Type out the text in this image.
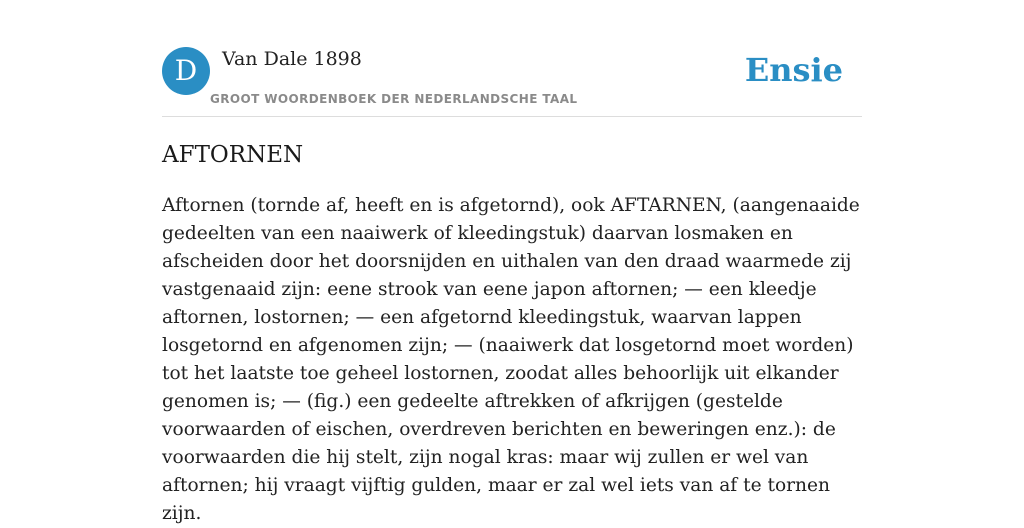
D	Van Dale 1898
GROOT WOORDENBOEK DER NEDERLANDSCHE TAAL
Ensie
AFTORNEN

Aftornen (tornde af, heeft en is afgetornd), ook AFTARNEN, (aangenaaide gedeelten van een naaiwerk of kleedingstuk) daarvan losmaken en afscheiden door het doorsnijden en uithalen van den draad waarmede zij vastgenaaid zijn: eene strook van eene japon aftornen; — een kleedje aftornen, lostornen; — een afgetornd kleedingstuk, waarvan lappen losgetornd en afgenomen zijn; — (naaiwerk dat losgetornd moet worden) tot het laatste toe geheel lostornen, zoodat alles behoorlijk uit elkander genomen is; — (fig.) een gedeelte aftrekken of afkrijgen (gestelde voorwaarden of eischen, overdreven berichten en beweringen enz.): de voorwaarden die hij stelt, zijn nogal kras: maar wij zullen er wel van aftornen; hij vraagt vijftig gulden, maar er zal wel iets van af te tornen zijn.
